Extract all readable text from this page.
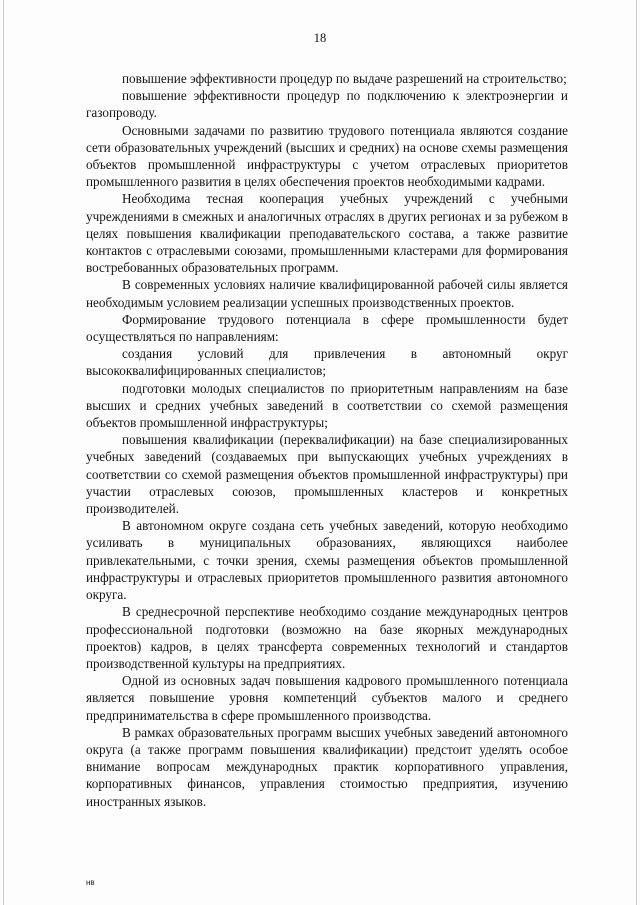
18

повышение эффективности процедур по выдаче разрешений на строительство;

повышение эффективности процедур по подключению к электроэнергии и газопроводу.

Основными задачами по развитию трудового потенциала являются создание сети образовательных учреждений (высших и средних) на основе схемы размещения объектов промышленной инфраструктуры с учетом отраслевых приоритетов промышленного развития в целях обеспечения проектов необходимыми кадрами.

Необходима тесная кооперация учебных учреждений с учебными учреждениями в смежных и аналогичных отраслях в других регионах и за рубежом в целях повышения квалификации преподавательского состава, а также развитие контактов с отраслевыми союзами, промышленными кластерами для формирования востребованных образовательных программ.

В современных условиях наличие квалифицированной рабочей силы является необходимым условием реализации успешных производственных проектов.

Формирование трудового потенциала в сфере промышленности будет осуществляться по направлениям:

создания условий для привлечения в автономный округ высококвалифицированных специалистов;

подготовки молодых специалистов по приоритетным направлениям на базе высших и средних учебных заведений в соответствии со схемой размещения объектов промышленной инфраструктуры;

повышения квалификации (переквалификации) на базе специализированных учебных заведений (создаваемых при выпускающих учебных учреждениях в соответствии со схемой размещения объектов промышленной инфраструктуры) при участии отраслевых союзов, промышленных кластеров и конкретных производителей.

В автономном округе создана сеть учебных заведений, которую необходимо усиливать в муниципальных образованиях, являющихся наиболее привлекательными, с точки зрения, схемы размещения объектов промышленной инфраструктуры и отраслевых приоритетов промышленного развития автономного округа.

В среднесрочной перспективе необходимо создание международных центров профессиональной подготовки (возможно на базе якорных международных проектов) кадров, в целях трансферта современных технологий и стандартов производственной культуры на предприятиях.

Одной из основных задач повышения кадрового промышленного потенциала является повышение уровня компетенций субъектов малого и среднего предпринимательства в сфере промышленного производства.

В рамках образовательных программ высших учебных заведений автономного округа (а также программ повышения квалификации) предстоит уделять особое внимание вопросам международных практик корпоративного управления, корпоративных финансов, управления стоимостью предприятия, изучению иностранных языков.

нв
